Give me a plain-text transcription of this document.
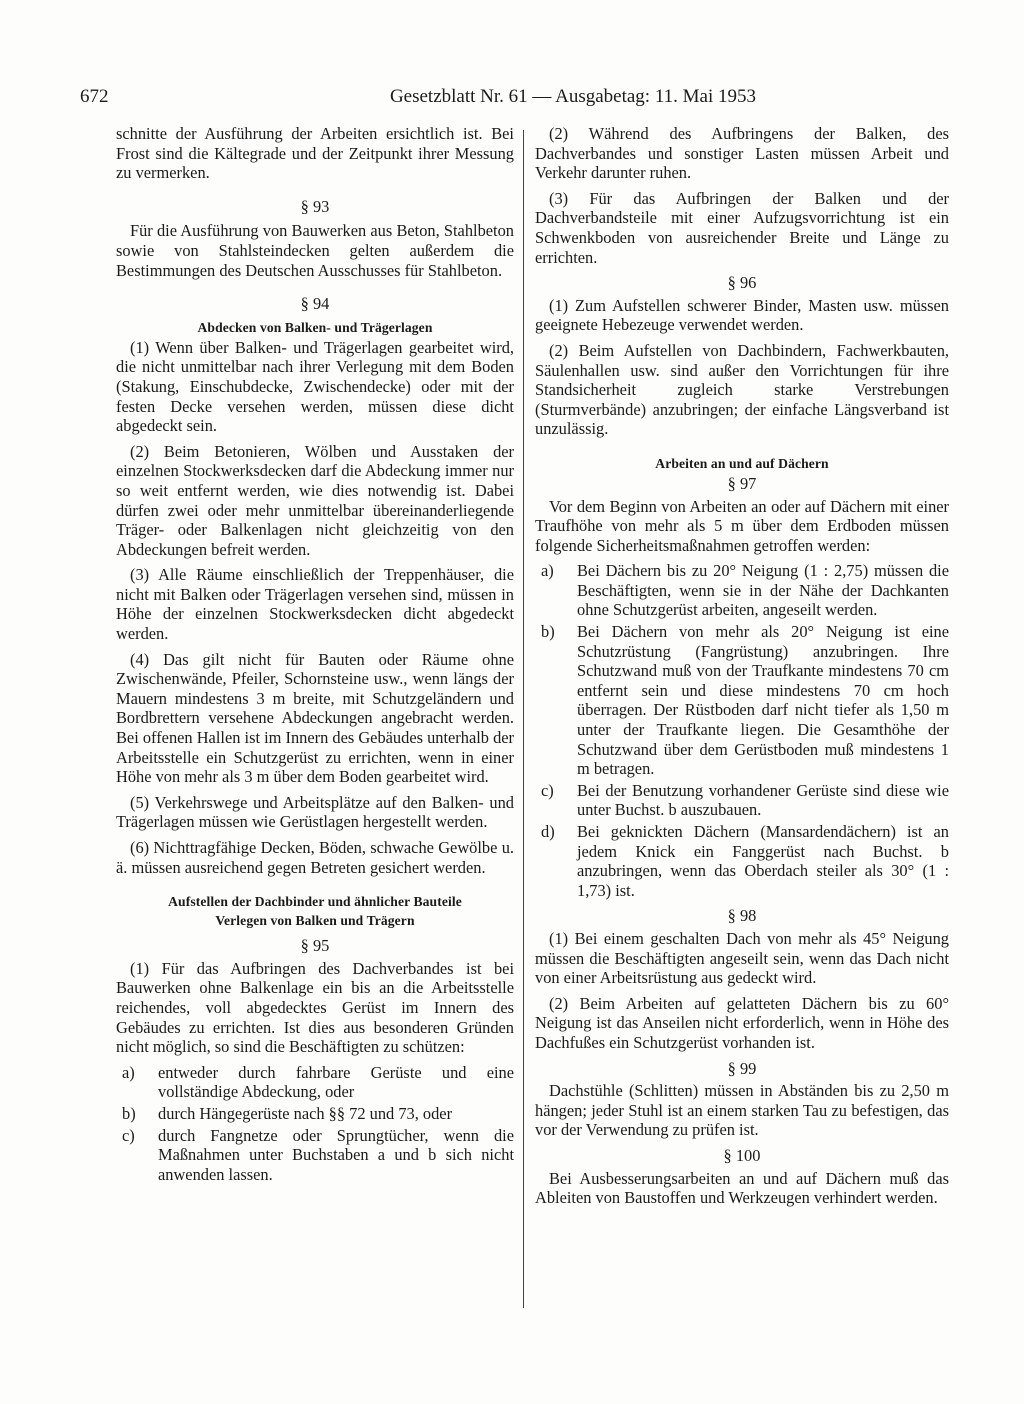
672	Gesetzblatt Nr. 61 — Ausgabetag: 11. Mai 1953

schnitte der Ausführung der Arbeiten ersichtlich ist. Bei Frost sind die Kältegrade und der Zeitpunkt ihrer Messung zu vermerken.

§ 93

Für die Ausführung von Bauwerken aus Beton, Stahlbeton sowie von Stahlsteindecken gelten außerdem die Bestimmungen des Deutschen Ausschusses für Stahlbeton.

§ 94
Abdecken von Balken- und Trägerlagen

(1) Wenn über Balken- und Trägerlagen gearbeitet wird, die nicht unmittelbar nach ihrer Verlegung mit dem Boden (Stakung, Einschubdecke, Zwischendecke) oder mit der festen Decke versehen werden, müssen diese dicht abgedeckt sein.

(2) Beim Betonieren, Wölben und Ausstaken der einzelnen Stockwerksdecken darf die Abdeckung immer nur so weit entfernt werden, wie dies notwendig ist. Dabei dürfen zwei oder mehr unmittelbar übereinanderliegende Träger- oder Balkenlagen nicht gleichzeitig von den Abdeckungen befreit werden.

(3) Alle Räume einschließlich der Treppenhäuser, die nicht mit Balken oder Trägerlagen versehen sind, müssen in Höhe der einzelnen Stockwerksdecken dicht abgedeckt werden.

(4) Das gilt nicht für Bauten oder Räume ohne Zwischenwände, Pfeiler, Schornsteine usw., wenn längs der Mauern mindestens 3 m breite, mit Schutzgeländern und Bordbrettern versehene Abdeckungen angebracht werden. Bei offenen Hallen ist im Innern des Gebäudes unterhalb der Arbeitsstelle ein Schutzgerüst zu errichten, wenn in einer Höhe von mehr als 3 m über dem Boden gearbeitet wird.

(5) Verkehrswege und Arbeitsplätze auf den Balken- und Trägerlagen müssen wie Gerüstlagen hergestellt werden.

(6) Nichttragfähige Decken, Böden, schwache Gewölbe u. ä. müssen ausreichend gegen Betreten gesichert werden.

Aufstellen der Dachbinder und ähnlicher Bauteile
Verlegen von Balken und Trägern
§ 95

(1) Für das Aufbringen des Dachverbandes ist bei Bauwerken ohne Balkenlage ein bis an die Arbeitsstelle reichendes, voll abgedecktes Gerüst im Innern des Gebäudes zu errichten. Ist dies aus besonderen Gründen nicht möglich, so sind die Beschäftigten zu schützen:

a) entweder durch fahrbare Gerüste und eine vollständige Abdeckung, oder
b) durch Hängegerüste nach §§ 72 und 73, oder
c) durch Fangnetze oder Sprungtücher, wenn die Maßnahmen unter Buchstaben a und b sich nicht anwenden lassen.

(2) Während des Aufbringens der Balken, des Dachverbandes und sonstiger Lasten müssen Arbeit und Verkehr darunter ruhen.

(3) Für das Aufbringen der Balken und der Dachverbandsteile mit einer Aufzugsvorrichtung ist ein Schwenkboden von ausreichender Breite und Länge zu errichten.

§ 96

(1) Zum Aufstellen schwerer Binder, Masten usw. müssen geeignete Hebezeuge verwendet werden.

(2) Beim Aufstellen von Dachbindern, Fachwerkbauten, Säulenhallen usw. sind außer den Vorrichtungen für ihre Standsicherheit zugleich starke Verstrebungen (Sturmverbände) anzubringen; der einfache Längsverband ist unzulässig.

Arbeiten an und auf Dächern
§ 97

Vor dem Beginn von Arbeiten an oder auf Dächern mit einer Traufhöhe von mehr als 5 m über dem Erdboden müssen folgende Sicherheitsmaßnahmen getroffen werden:

a) Bei Dächern bis zu 20° Neigung (1 : 2,75) müssen die Beschäftigten, wenn sie in der Nähe der Dachkanten ohne Schutzgerüst arbeiten, angeseilt werden.
b) Bei Dächern von mehr als 20° Neigung ist eine Schutzrüstung (Fangrüstung) anzubringen. Ihre Schutzwand muß von der Traufkante mindestens 70 cm entfernt sein und diese mindestens 70 cm hoch überragen. Der Rüstboden darf nicht tiefer als 1,50 m unter der Traufkante liegen. Die Gesamthöhe der Schutzwand über dem Gerüstboden muß mindestens 1 m betragen.
c) Bei der Benutzung vorhandener Gerüste sind diese wie unter Buchst. b auszubauen.
d) Bei geknickten Dächern (Mansardendächern) ist an jedem Knick ein Fanggerüst nach Buchst. b anzubringen, wenn das Oberdach steiler als 30° (1 : 1,73) ist.
§ 98

(1) Bei einem geschalten Dach von mehr als 45° Neigung müssen die Beschäftigten angeseilt sein, wenn das Dach nicht von einer Arbeitsrüstung aus gedeckt wird.

(2) Beim Arbeiten auf gelatteten Dächern bis zu 60° Neigung ist das Anseilen nicht erforderlich, wenn in Höhe des Dachfußes ein Schutzgerüst vorhanden ist.

§ 99

Dachstühle (Schlitten) müssen in Abständen bis zu 2,50 m hängen; jeder Stuhl ist an einem starken Tau zu befestigen, das vor der Verwendung zu prüfen ist.

§ 100

Bei Ausbesserungsarbeiten an und auf Dächern muß das Ableiten von Baustoffen und Werkzeugen verhindert werden.
